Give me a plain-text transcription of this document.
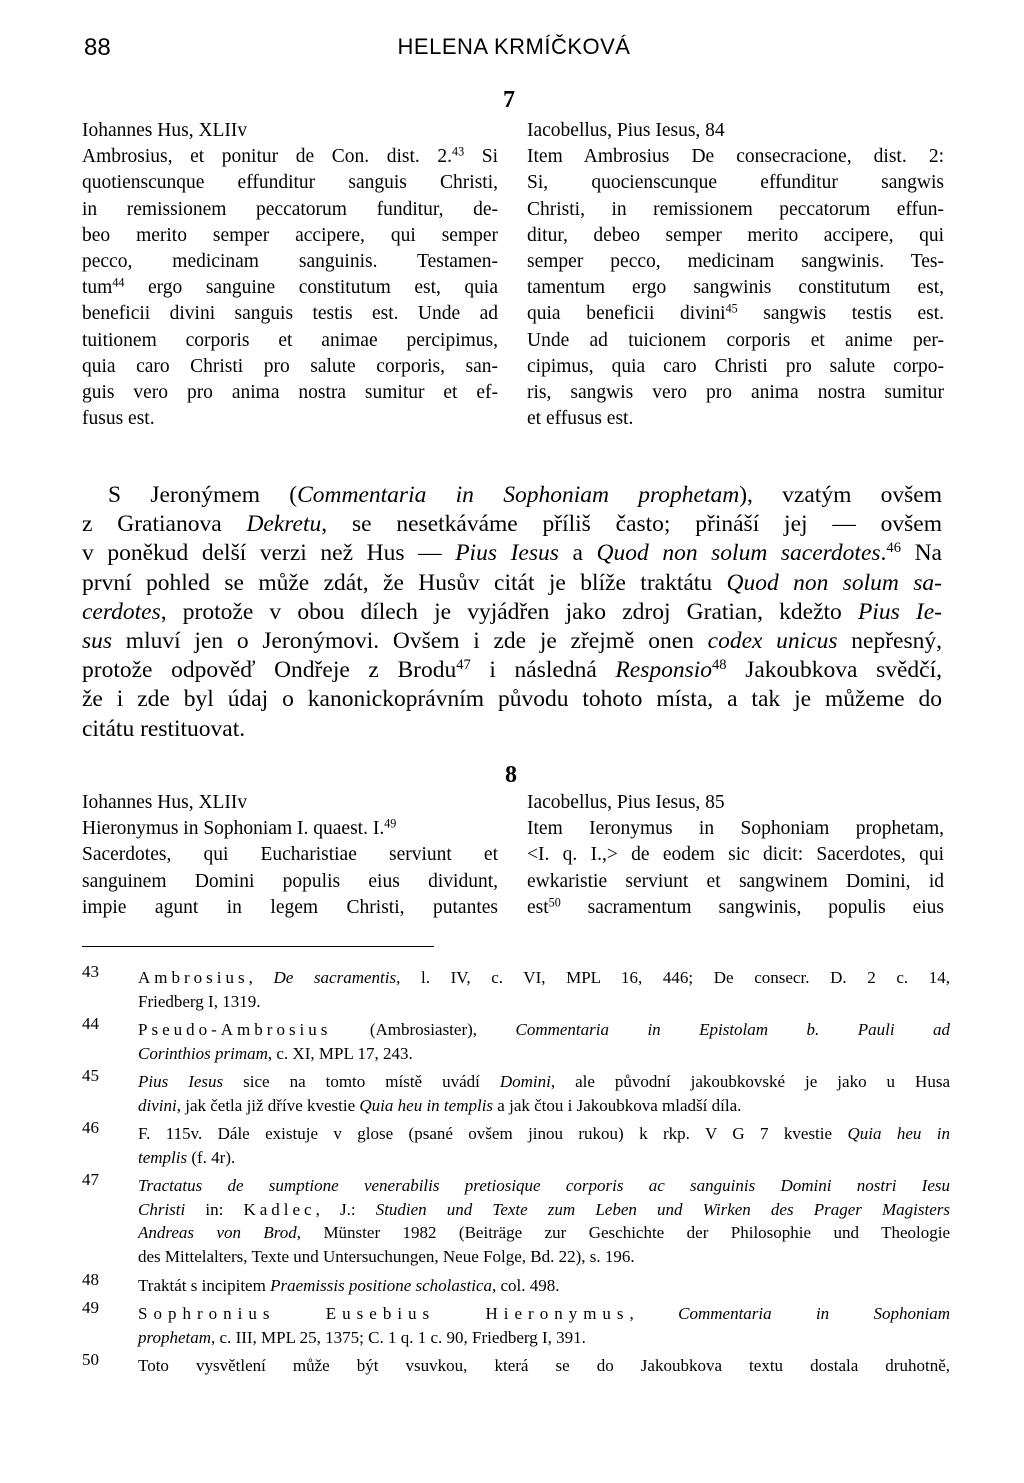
88	HELENA KRMÍČKOVÁ
7
Iohannes Hus, XLIIv
Ambrosius, et ponitur de Con. dist. 2.43 Si
quotienscunque effunditur sanguis Christi,
in remissionem peccatorum funditur, de-
beo merito semper accipere, qui semper
pecco, medicinam sanguinis. Testamen-
tum$^{44}$ ergo sanguine constitutum est, quia
beneficii divini sanguis testis est. Unde ad
tuitionem corporis et animae percipimus,
quia caro Christi pro salute corporis, san-
guis vero pro anima nostra sumitur et ef-
fusus est.
Iacobellus, Pius Iesus, 84
Item Ambrosius De consecracione, dist. 2:
Si, quocienscunque effunditur sangwis
Christi, in remissionem peccatorum effun-
ditur, debeo semper merito accipere, qui
semper pecco, medicinam sangwinis. Tes-
tamentum ergo sangwinis constitutum est,
quia beneficii divini$^{45}$ sangwis testis est.
Unde ad tuicionem corporis et anime per-
cipimus, quia caro Christi pro salute corpo-
ris, sangwis vero pro anima nostra sumitur
et effusus est.
S Jeronýmem (Commentaria in Sophoniam prophetam), vzatým ovšem
z Gratianova Dekretu, se nesetkáváme příliš často; přináší jej — ovšem
v poněkud delší verzi než Hus — Pius Iesus a Quod non solum sacerdotes.$^{46}$ Na
první pohled se může zdát, že Husův citát je blíže traktátu Quod non solum sa-
cerdotes, protože v obou dílech je vyjádřen jako zdroj Gratian, kdežto Pius Ie-
sus mluví jen o Jeronýmovi. Ovšem i zde je zřejmě onen codex unicus nepřesný,
protože odpověď Ondřeje z Brodu$^{47}$ i následná Responsio$^{48}$ Jakoubkova svědčí,
že i zde byl údaj o kanonickoprávním původu tohoto místa, a tak je můžeme do
citátu restituovat.
8
Iohannes Hus, XLIIv
Hieronymus in Sophoniam I. quaest. I.$^{49}$
Sacerdotes, qui Eucharistiae serviunt et
sanguinem Domini populis eius dividunt,
impie agunt in legem Christi, putantes
Iacobellus, Pius Iesus, 85
Item Ieronymus in Sophoniam prophetam,
<I. q. I.,> de eodem sic dicit: Sacerdotes, qui
ewkaristie serviunt et sangwinem Domini, id
est$^{50}$ sacramentum sangwinis, populis eius
43 Ambrosius, De sacramentis, l. IV, c. VI, MPL 16, 446; De consecr. D. 2 c. 14,
Friedberg I, 1319.
44 Pseudo-Ambrosius (Ambrosiaster), Commentaria in Epistolam b. Pauli ad
Corinthios primam, c. XI, MPL 17, 243.
45 Pius Iesus sice na tomto místě uvádí Domini, ale původní jakoubkovské je jako u Husa
divini, jak četla již dříve kvestie Quia heu in templis a jak čtou i Jakoubkova mladší díla.
46 F. 115v. Dále existuje v glose (psané ovšem jinou rukou) k rkp. V G 7 kvestie Quia heu in
templis (f. 4r).
47 Tractatus de sumptione venerabilis pretiosique corporis ac sanguinis Domini nostri Iesu
Christi in: Kadlec, J.: Studien und Texte zum Leben und Wirken des Prager Magisters
Andreas von Brod, Münster 1982 (Beiträge zur Geschichte der Philosophie und Theologie
des Mittelalters, Texte und Untersuchungen, Neue Folge, Bd. 22), s. 196.
48 Traktát s incipitem Praemissis positione scholastica, col. 498.
49 Sophronius Eusebius Hieronymus, Commentaria in Sophoniam
prophetam, c. III, MPL 25, 1375; C. 1 q. 1 c. 90, Friedberg I, 391.
50 Toto vysvětlení může být vsuvkou, která se do Jakoubkova textu dostala druhotně,
